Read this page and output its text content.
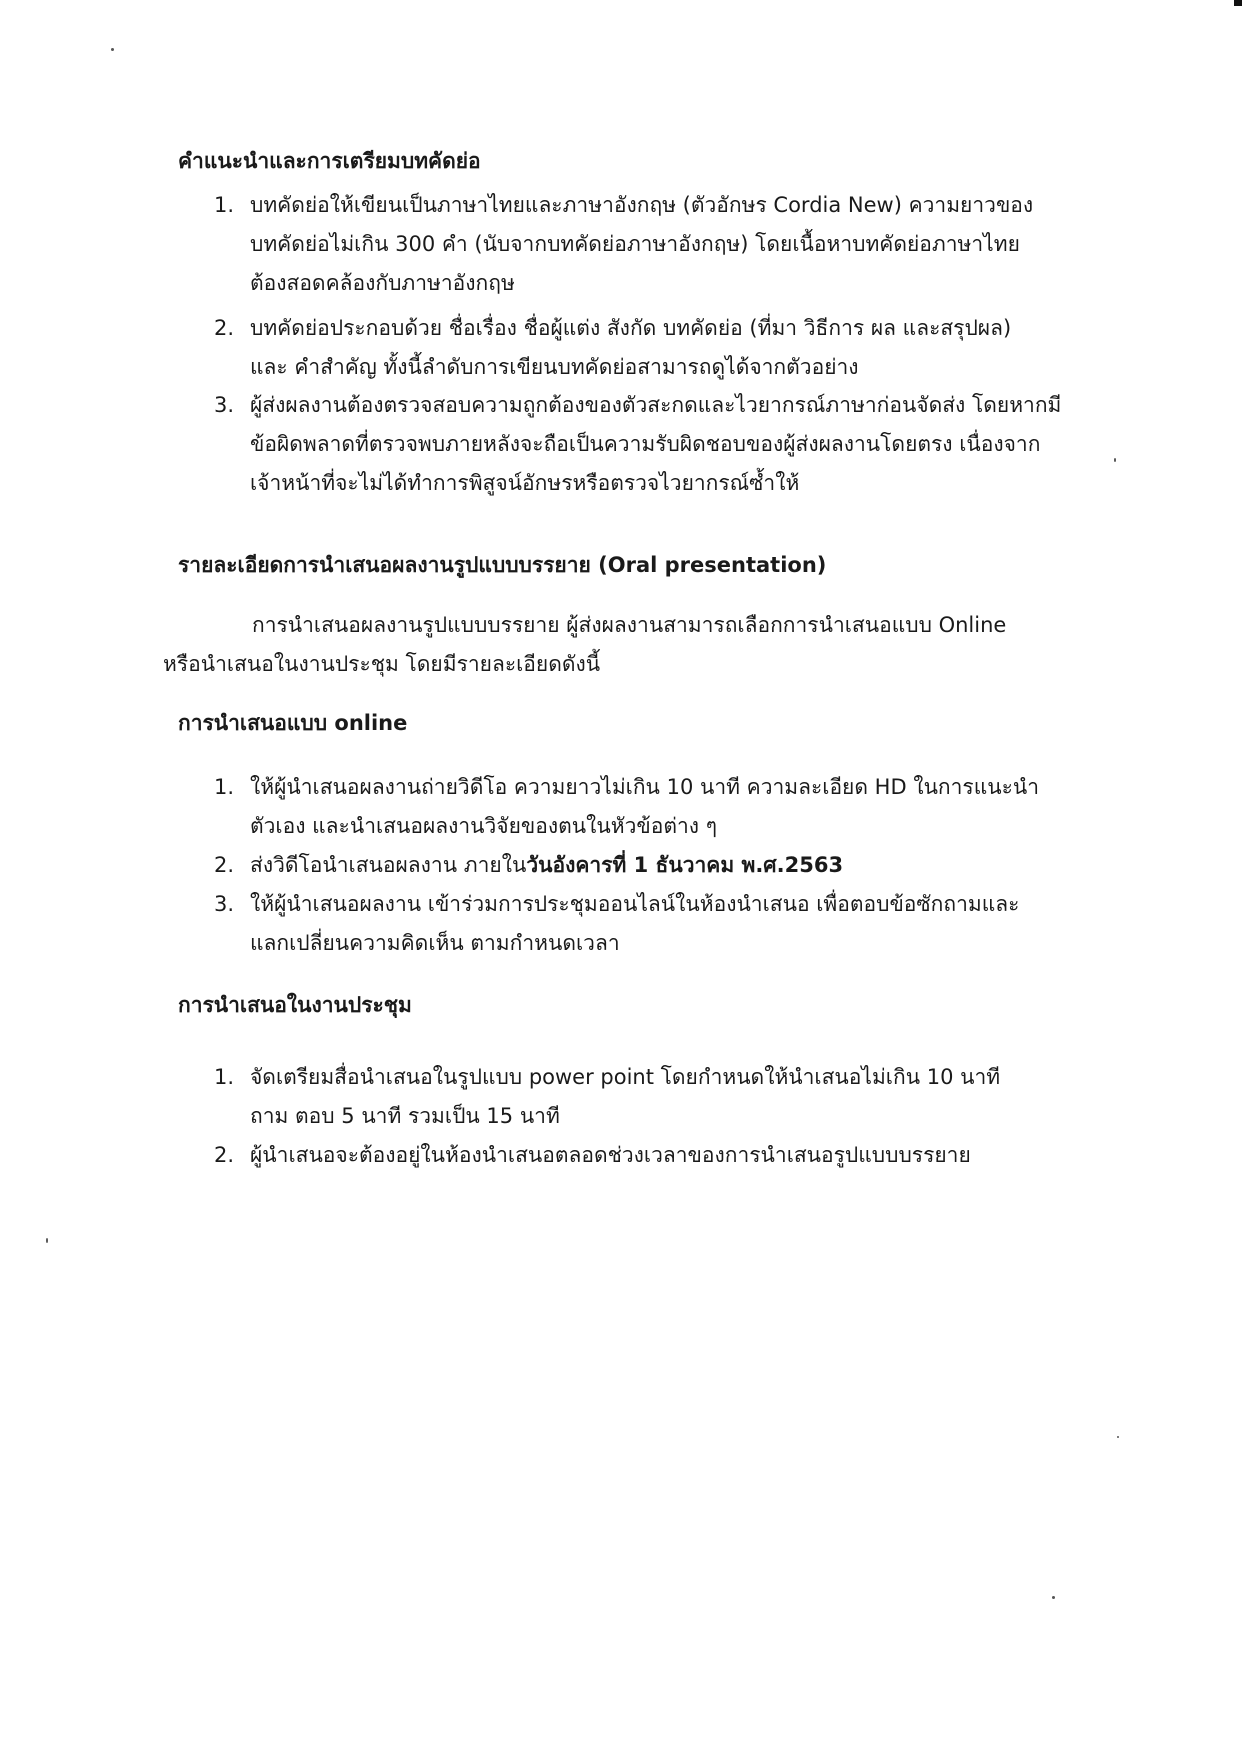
คำแนะนำและการเตรียมบทคัดย่อ
1. บทคัดย่อให้เขียนเป็นภาษาไทยและภาษาอังกฤษ (ตัวอักษร Cordia New) ความยาวของ
บทคัดย่อไม่เกิน 300 คำ (นับจากบทคัดย่อภาษาอังกฤษ) โดยเนื้อหาบทคัดย่อภาษาไทย
ต้องสอดคล้องกับภาษาอังกฤษ
2. บทคัดย่อประกอบด้วย ชื่อเรื่อง ชื่อผู้แต่ง สังกัด บทคัดย่อ (ที่มา วิธีการ ผล และสรุปผล)
และ คำสำคัญ ทั้งนี้ลำดับการเขียนบทคัดย่อสามารถดูได้จากตัวอย่าง
3. ผู้ส่งผลงานต้องตรวจสอบความถูกต้องของตัวสะกดและไวยากรณ์ภาษาก่อนจัดส่ง โดยหากมี
ข้อผิดพลาดที่ตรวจพบภายหลังจะถือเป็นความรับผิดชอบของผู้ส่งผลงานโดยตรง เนื่องจาก
เจ้าหน้าที่จะไม่ได้ทำการพิสูจน์อักษรหรือตรวจไวยากรณ์ซ้ำให้
รายละเอียดการนำเสนอผลงานรูปแบบบรรยาย (Oral presentation)
การนำเสนอผลงานรูปแบบบรรยาย ผู้ส่งผลงานสามารถเลือกการนำเสนอแบบ Online
หรือนำเสนอในงานประชุม โดยมีรายละเอียดดังนี้
การนำเสนอแบบ online
1. ให้ผู้นำเสนอผลงานถ่ายวิดีโอ ความยาวไม่เกิน 10 นาที ความละเอียด HD ในการแนะนำ
ตัวเอง และนำเสนอผลงานวิจัยของตนในหัวข้อต่าง ๆ
2. ส่งวิดีโอนำเสนอผลงาน ภายในวันอังคารที่ 1 ธันวาคม พ.ศ.2563
3. ให้ผู้นำเสนอผลงาน เข้าร่วมการประชุมออนไลน์ในห้องนำเสนอ เพื่อตอบข้อซักถามและ
แลกเปลี่ยนความคิดเห็น ตามกำหนดเวลา
การนำเสนอในงานประชุม
1. จัดเตรียมสื่อนำเสนอในรูปแบบ power point โดยกำหนดให้นำเสนอไม่เกิน 10 นาที
ถาม ตอบ 5 นาที รวมเป็น 15 นาที
2. ผู้นำเสนอจะต้องอยู่ในห้องนำเสนอตลอดช่วงเวลาของการนำเสนอรูปแบบบรรยาย
